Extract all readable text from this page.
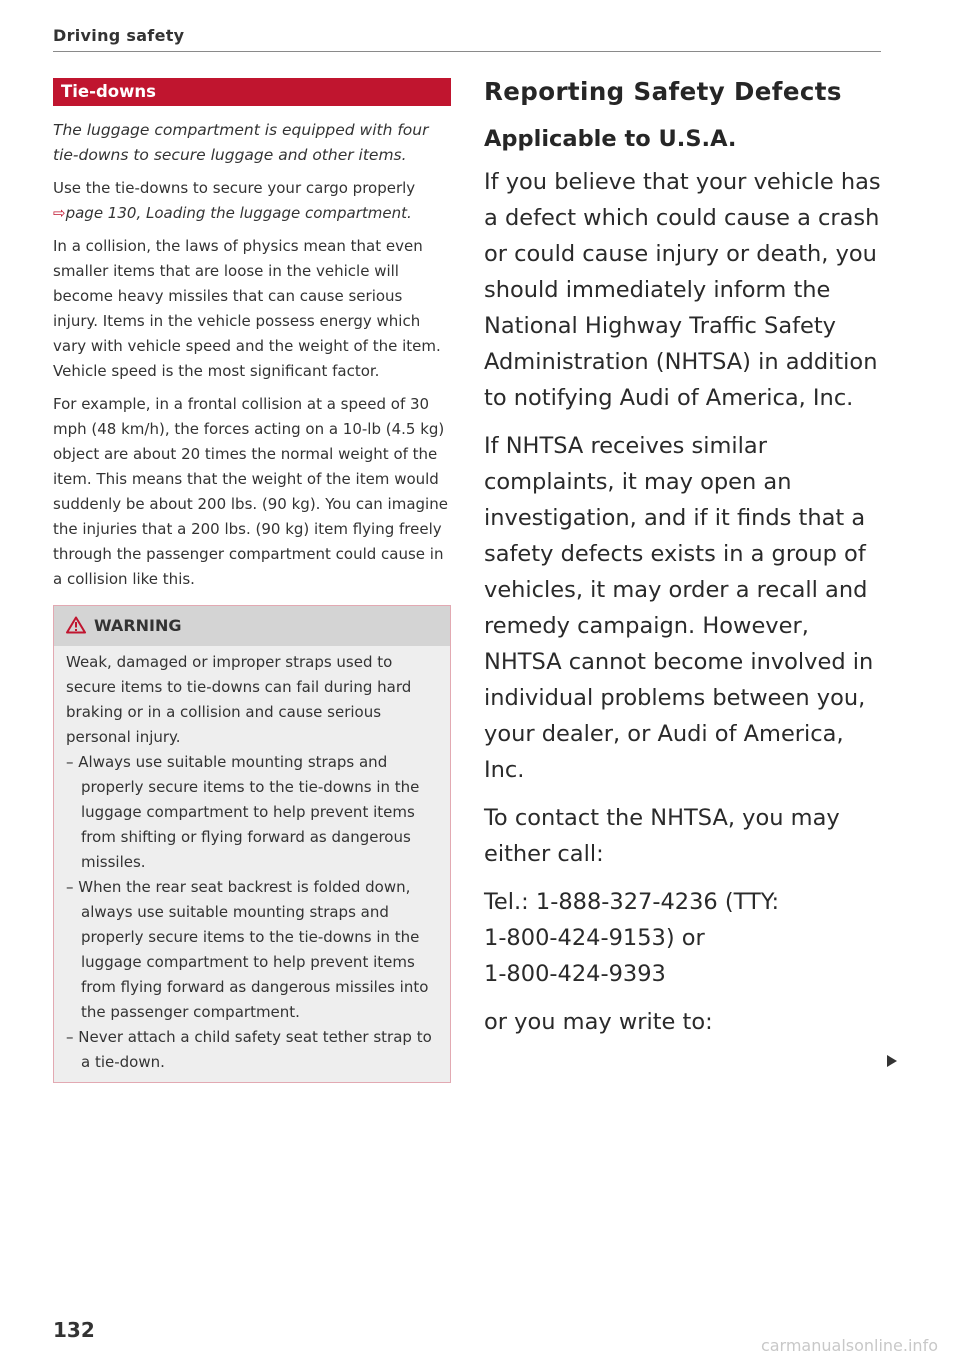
Driving safety
Tie-downs

The luggage compartment is equipped with four tie-downs to secure luggage and other items.

Use the tie-downs to secure your cargo properly ⇨page 130, Loading the luggage compartment.

In a collision, the laws of physics mean that even smaller items that are loose in the vehicle will become heavy missiles that can cause serious injury. Items in the vehicle possess energy which vary with vehicle speed and the weight of the item. Vehicle speed is the most significant factor.

For example, in a frontal collision at a speed of 30 mph (48 km/h), the forces acting on a 10-lb (4.5 kg) object are about 20 times the normal weight of the item. This means that the weight of the item would suddenly be about 200 lbs. (90 kg). You can imagine the injuries that a 200 lbs. (90 kg) item flying freely through the passenger compartment could cause in a collision like this.

WARNING

Weak, damaged or improper straps used to secure items to tie-downs can fail during hard braking or in a collision and cause serious personal injury.

– Always use suitable mounting straps and properly secure items to the tie-downs in the luggage compartment to help prevent items from shifting or flying forward as dangerous missiles.
– When the rear seat backrest is folded down, always use suitable mounting straps and properly secure items to the tie-downs in the luggage compartment to help prevent items from flying forward as dangerous missiles into the passenger compartment.
– Never attach a child safety seat tether strap to a tie-down.
Reporting Safety Defects
Applicable to U.S.A.

If you believe that your vehicle has a defect which could cause a crash or could cause injury or death, you should immediately inform the National Highway Traffic Safety Administration (NHTSA) in addition to notifying Audi of America, Inc.

If NHTSA receives similar complaints, it may open an investigation, and if it finds that a safety defects exists in a group of vehicles, it may order a recall and remedy campaign. However, NHTSA cannot become involved in individual problems between you, your dealer, or Audi of America, Inc.

To contact the NHTSA, you may either call:

Tel.: 1-888-327-4236 (TTY:
1-800-424-9153) or
1-800-424-9393

or you may write to:

132
carmanualsonline.info
